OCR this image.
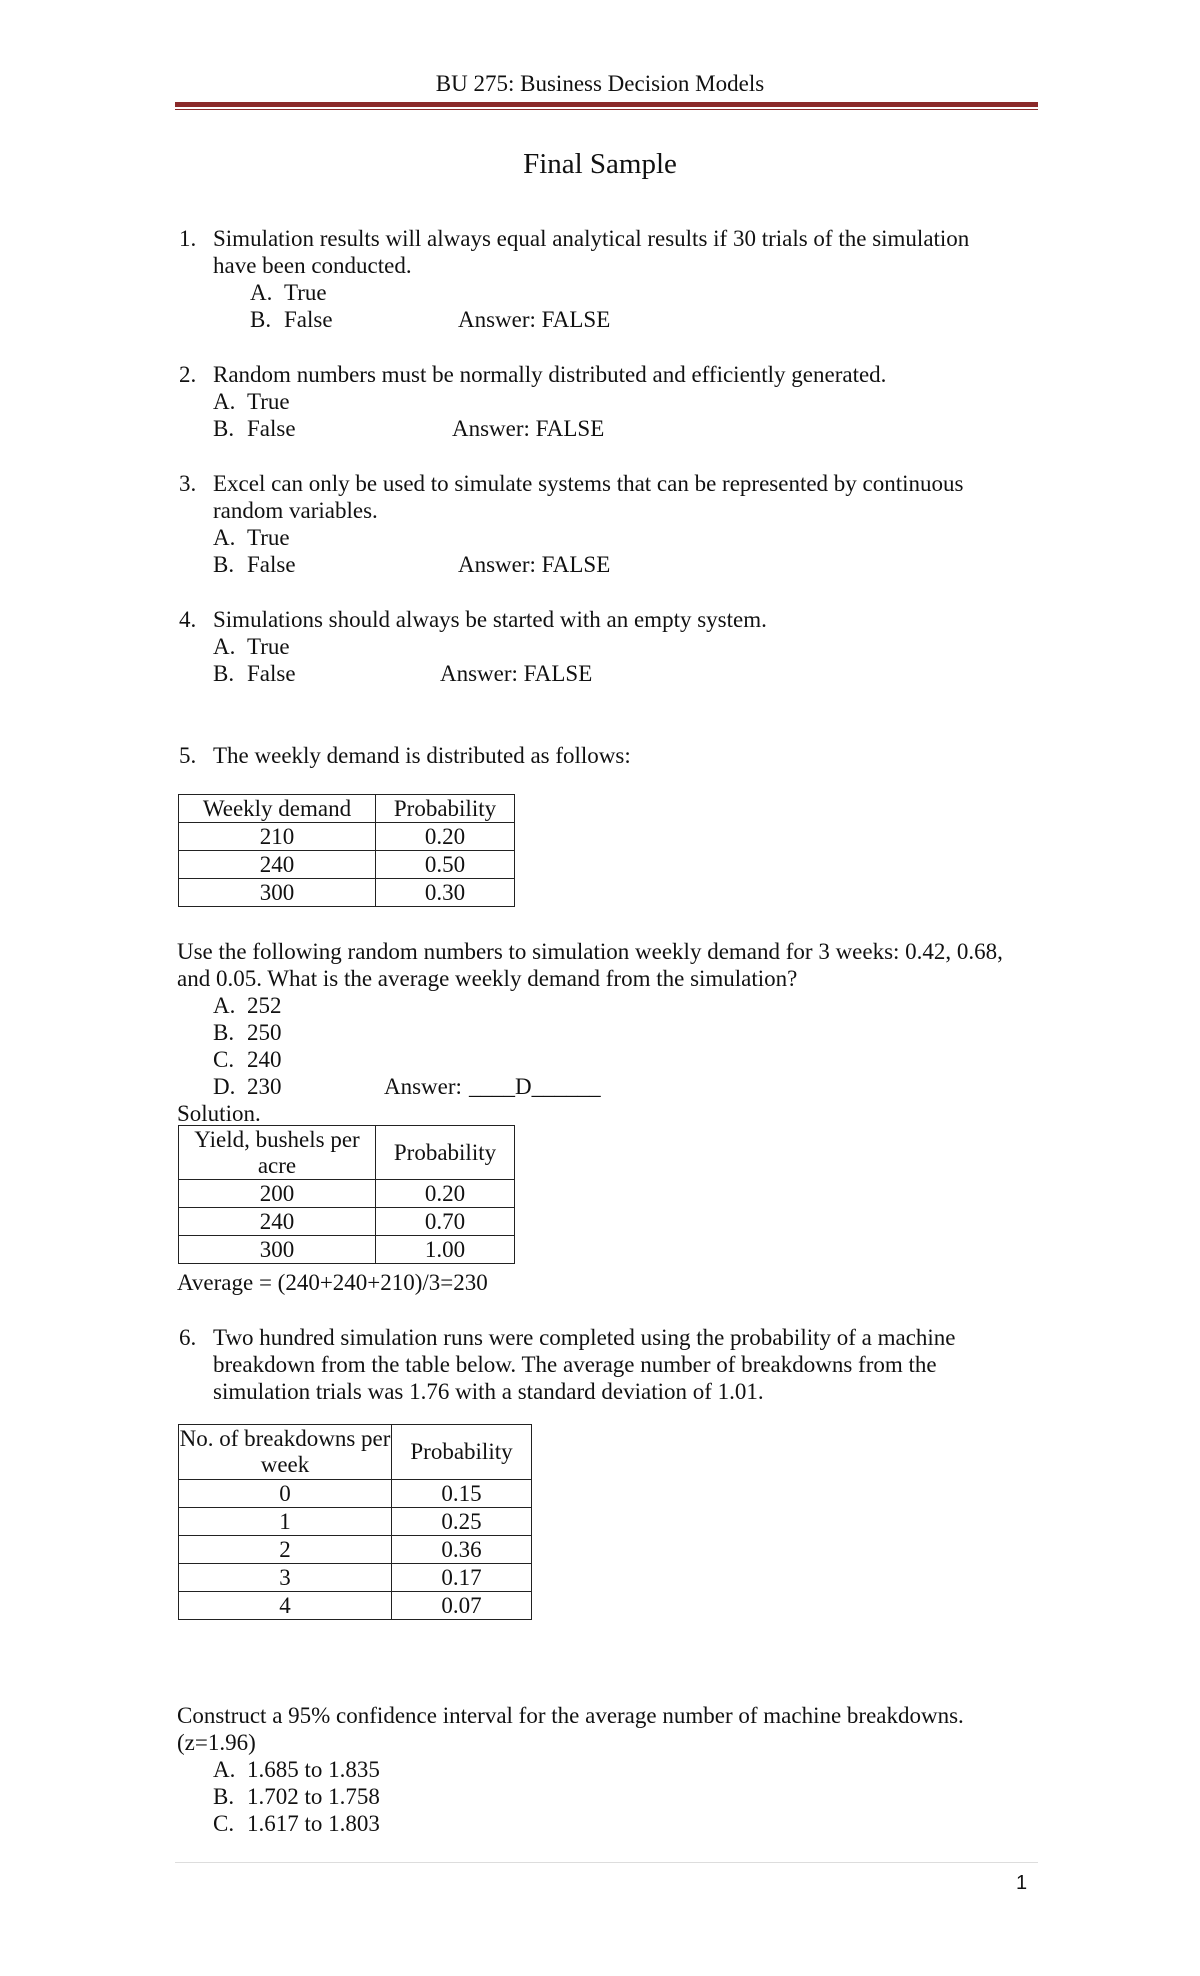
BU 275: Business Decision Models
Final Sample
1. Simulation results will always equal analytical results if 30 trials of the simulation
have been conducted.
A. True
B. False	Answer: FALSE
2. Random numbers must be normally distributed and efficiently generated.
A. True
B. False	Answer: FALSE
3. Excel can only be used to simulate systems that can be represented by continuous
random variables.
A. True
B. False	Answer: FALSE
4. Simulations should always be started with an empty system.
A. True
B. False	Answer: FALSE
5. The weekly demand is distributed as follows:
Weekly demand	Probability
210	0.20
240	0.50
300	0.30
Use the following random numbers to simulation weekly demand for 3 weeks: 0.42, 0.68,
and 0.05. What is the average weekly demand from the simulation?
A. 252
B. 250
C. 240
D. 230	Answer: ____D______
Solution.
Yield, bushels per acre	Probability
200	0.20
240	0.70
300	1.00
Average = (240+240+210)/3=230
6. Two hundred simulation runs were completed using the probability of a machine
breakdown from the table below. The average number of breakdowns from the
simulation trials was 1.76 with a standard deviation of 1.01.
No. of breakdowns per week	Probability
0	0.15
1	0.25
2	0.36
3	0.17
4	0.07
Construct a 95% confidence interval for the average number of machine breakdowns.
(z=1.96)
A. 1.685 to 1.835
B. 1.702 to 1.758
C. 1.617 to 1.803
1
